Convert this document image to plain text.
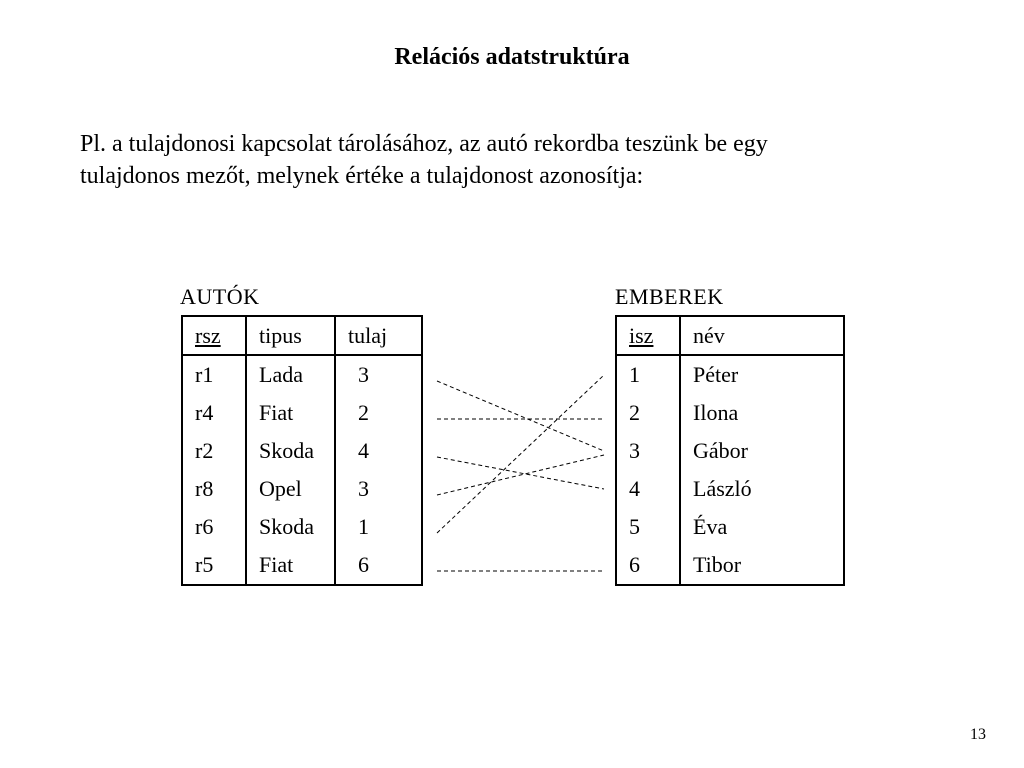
Relációs adatstruktúra

Pl. a tulajdonosi kapcsolat tárolásához, az autó rekordba teszünk be egy
tulajdonos mezőt, melynek értéke a tulajdonost azonosítja:

AUTÓK
rsz	tipus	tulaj
r1	Lada	3
r4	Fiat	2
r2	Skoda	4
r8	Opel	3
r6	Skoda	1
r5	Fiat	6
EMBEREK
isz	név
1	Péter
2	Ilona
3	Gábor
4	László
5	Éva
6	Tibor
13
